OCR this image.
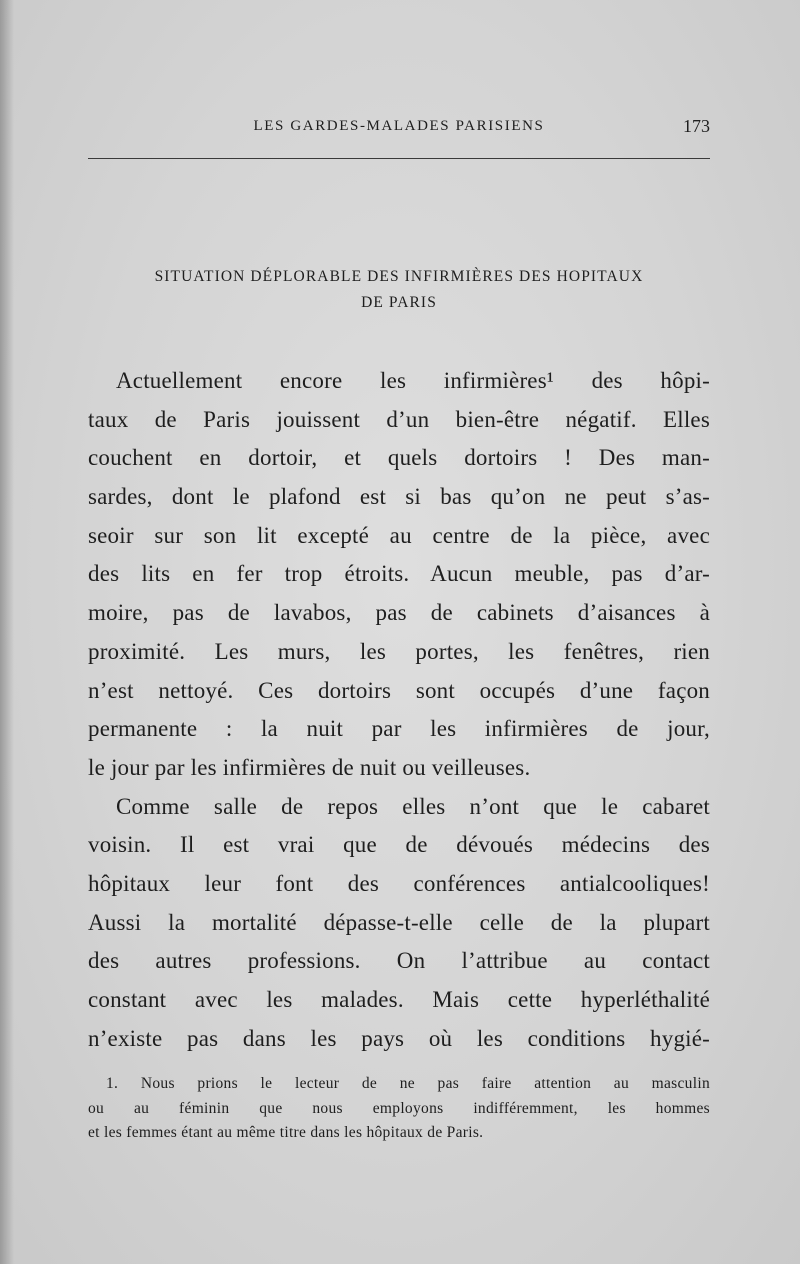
LES GARDES-MALADES PARISIENS	173
SITUATION DÉPLORABLE DES INFIRMIÈRES DES HOPITAUX
DE PARIS
Actuellement encore les infirmières¹ des hôpi-
taux de Paris jouissent d’un bien-être négatif. Elles
couchent en dortoir, et quels dortoirs ! Des man-
sardes, dont le plafond est si bas qu’on ne peut s’as-
seoir sur son lit excepté au centre de la pièce, avec
des lits en fer trop étroits. Aucun meuble, pas d’ar-
moire, pas de lavabos, pas de cabinets d’aisances à
proximité. Les murs, les portes, les fenêtres, rien
n’est nettoyé. Ces dortoirs sont occupés d’une façon
permanente : la nuit par les infirmières de jour,
le jour par les infirmières de nuit ou veilleuses.
Comme salle de repos elles n’ont que le cabaret
voisin. Il est vrai que de dévoués médecins des
hôpitaux leur font des conférences antialcooliques!
Aussi la mortalité dépasse-t-elle celle de la plupart
des autres professions. On l’attribue au contact
constant avec les malades. Mais cette hyperléthalité
n’existe pas dans les pays où les conditions hygié-
1. Nous prions le lecteur de ne pas faire attention au masculin
ou au féminin que nous employons indifféremment, les hommes
et les femmes étant au même titre dans les hôpitaux de Paris.
